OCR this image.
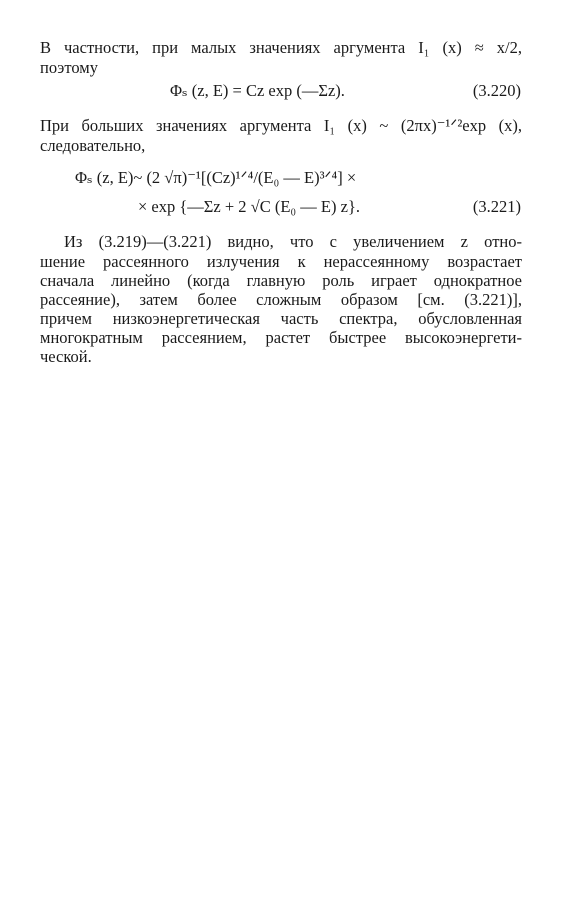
В частности, при малых значениях аргумента I₁ (x) ≈ x/2,
поэтому
Φₛ (z, E) = Cz exp (—Σz).	(3.220)
При больших значениях аргумента I₁ (x) ~ (2πx)⁻¹ᐟ²exp (x),
следовательно,
Φₛ (z, E)~ (2 √π)⁻¹[(Cz)¹ᐟ⁴/(E₀ — E)³ᐟ⁴] ×
× exp {—Σz + 2 √C (E₀ — E) z}.	(3.221)
Из (3.219)—(3.221) видно, что с увеличением z отно-
шение рассеянного излучения к нерассеянному возрастает
сначала линейно (когда главную роль играет однократное
рассеяние), затем более сложным образом [см. (3.221)],
причем низкоэнергетическая часть спектра, обусловленная
многократным рассеянием, растет быстрее высокоэнергети-
ческой.
